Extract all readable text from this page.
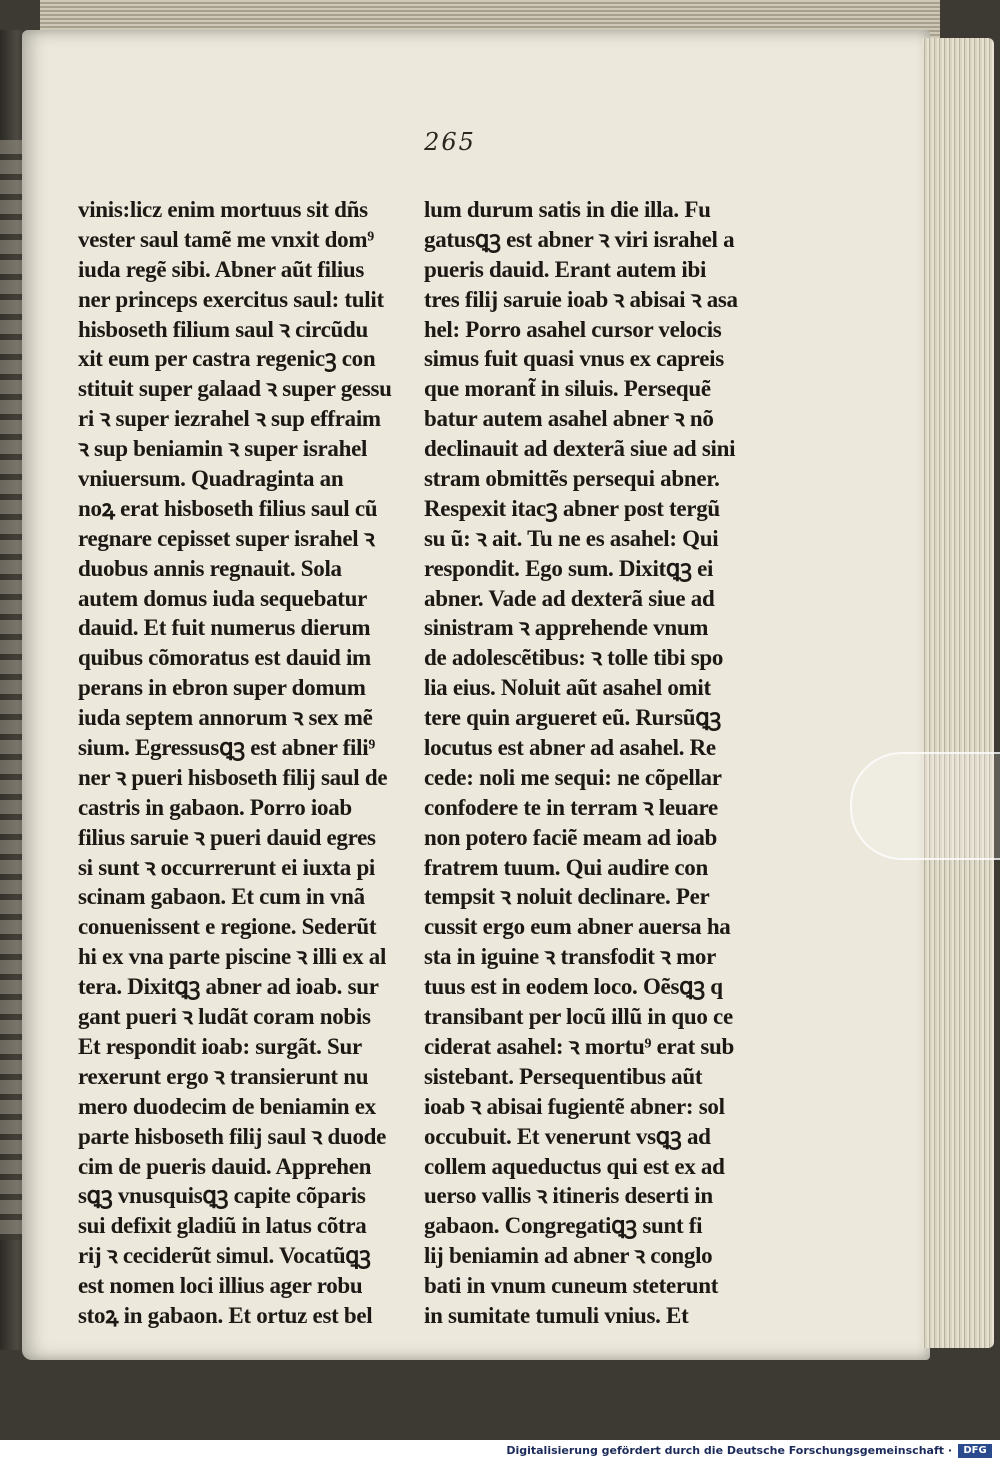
265
vinis:licz enim mortuus sit dñs
vester saul tamẽ me vnxit dom⁹
iuda regẽ sibi. Abner aũt filius
ner princeps exercitus saul: tulit
hisboseth filium saul ꝛ circũdu
xit eum per castra regenicꝫ con
stituit super galaad ꝛ super gessu
ri ꝛ super iezrahel ꝛ sup effraim
ꝛ sup beniamin ꝛ super israhel
vniuersum. Quadraginta an
noꝝ erat hisboseth filius saul cũ
regnare cepisset super israhel ꝛ
duobus annis regnauit. Sola
autem domus iuda sequebatur
dauid. Et fuit numerus dierum
quibus cõmoratus est dauid im
perans in ebron super domum
iuda septem annorum ꝛ sex mẽ
sium. Egressusꝗꝫ est abner fili⁹
ner ꝛ pueri hisboseth filij saul de
castris in gabaon. Porro ioab
filius saruie ꝛ pueri dauid egres
si sunt ꝛ occurrerunt ei iuxta pi
scinam gabaon. Et cum in vnã
conuenissent e regione. Sederũt
hi ex vna parte piscine ꝛ illi ex al
tera. Dixitꝗꝫ abner ad ioab. sur
gant pueri ꝛ ludãt coram nobis
Et respondit ioab: surgãt. Sur
rexerunt ergo ꝛ transierunt nu
mero duodecim de beniamin ex
parte hisboseth filij saul ꝛ duode
cim de pueris dauid. Apprehen
sꝗꝫ vnusquisꝗꝫ capite cõparis
sui defixit gladiũ in latus cõtra
rij ꝛ ceciderũt simul. Vocatũꝗꝫ
est nomen loci illius ager robu
stoꝝ in gabaon. Et ortuz est bel
lum durum satis in die illa. Fu
gatusꝗꝫ est abner ꝛ viri israhel a
pueris dauid. Erant autem ibi
tres filij saruie ioab ꝛ abisai ꝛ asa
hel: Porro asahel cursor velocis
simus fuit quasi vnus ex capreis
que morant̃ in siluis. Persequẽ
batur autem asahel abner ꝛ nõ
declinauit ad dexterã siue ad sini
stram obmittẽs persequi abner.
Respexit itacꝫ abner post tergũ
su ũ: ꝛ ait. Tu ne es asahel: Qui
respondit. Ego sum. Dixitꝗꝫ ei
abner. Vade ad dexterã siue ad
sinistram ꝛ apprehende vnum
de adolescẽtibus: ꝛ tolle tibi spo
lia eius. Noluit aũt asahel omit
tere quin argueret eũ. Rursũꝗꝫ
locutus est abner ad asahel. Re
cede: noli me sequi: ne cõpellar
confodere te in terram ꝛ leuare
non potero faciẽ meam ad ioab
fratrem tuum. Qui audire con
tempsit ꝛ noluit declinare. Per
cussit ergo eum abner auersa ha
sta in iguine ꝛ transfodit ꝛ mor
tuus est in eodem loco. Oẽsꝗꝫ q
transibant per locũ illũ in quo ce
ciderat asahel: ꝛ mortu⁹ erat sub
sistebant. Persequentibus aũt
ioab ꝛ abisai fugientẽ abner: sol
occubuit. Et venerunt vsꝗꝫ ad
collem aqueductus qui est ex ad
uerso vallis ꝛ itineris deserti in
gabaon. Congregatiꝗꝫ sunt fi
lij beniamin ad abner ꝛ conglo
bati in vnum cuneum steterunt
in sumitate tumuli vnius. Et
Digitalisierung gefördert durch die Deutsche Forschungsgemeinschaft ·	DFG
